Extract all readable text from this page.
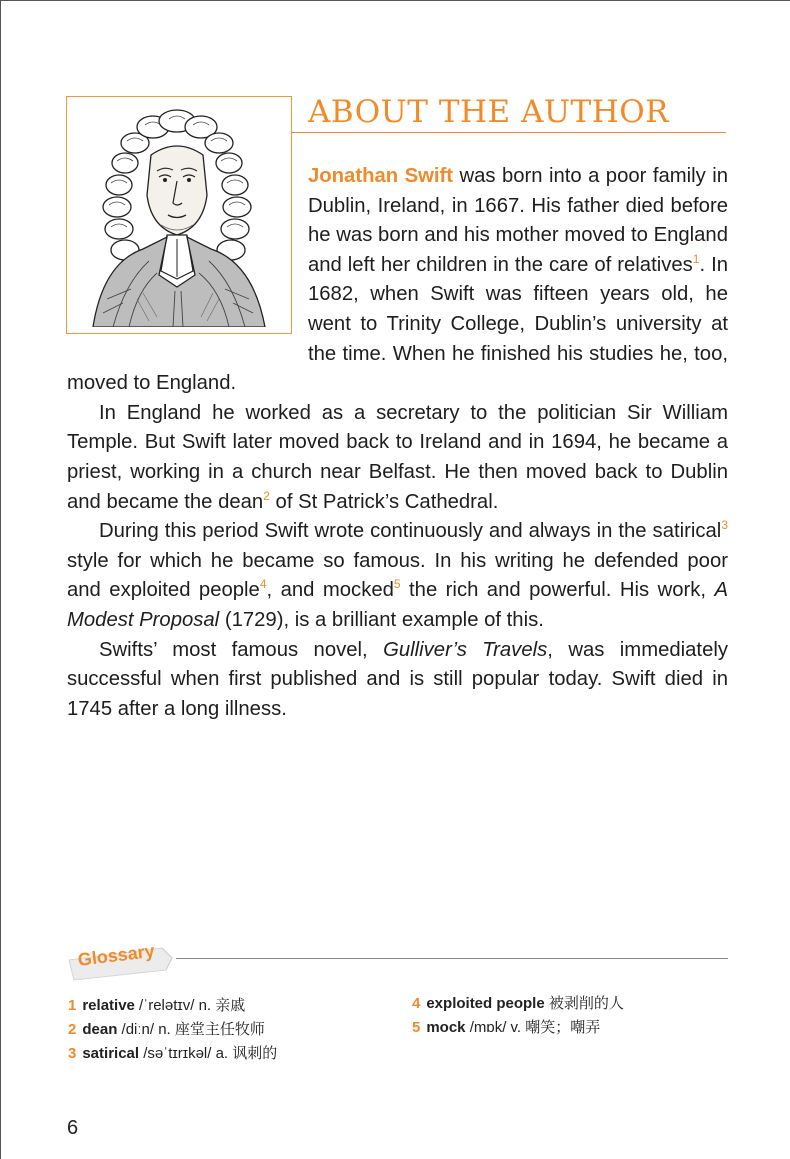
ABOUT THE AUTHOR

Jonathan Swift was born into a poor family in Dublin, Ireland, in 1667. His father died before he was born and his mother moved to England and left her children in the care of relatives$^1$. In 1682, when Swift was fifteen years old, he went to Trinity College, Dublin’s university at the time. When he finished his studies he, too, moved to England.

In England he worked as a secretary to the politician Sir William Temple. But Swift later moved back to Ireland and in 1694, he became a priest, working in a church near Belfast. He then moved back to Dublin and became the dean$^2$ of St Patrick’s Cathedral.

During this period Swift wrote continuously and always in the satirical$^3$ style for which he became so famous. In his writing he defended poor and exploited people$^4$, and mocked$^5$ the rich and powerful. His work, A Modest Proposal (1729), is a brilliant example of this.

Swifts’ most famous novel, Gulliver’s Travels, was immediately successful when first published and is still popular today. Swift died in 1745 after a long illness.

Glossary
1 relative /ˈrelətɪv/ n. 亲戚
2 dean /diːn/ n. 座堂主任牧师
3 satirical /səˈtɪrɪkəl/ a. 讽刺的
4 exploited people 被剥削的人
5 mock /mɒk/ v. 嘲笑；嘲弄
6
